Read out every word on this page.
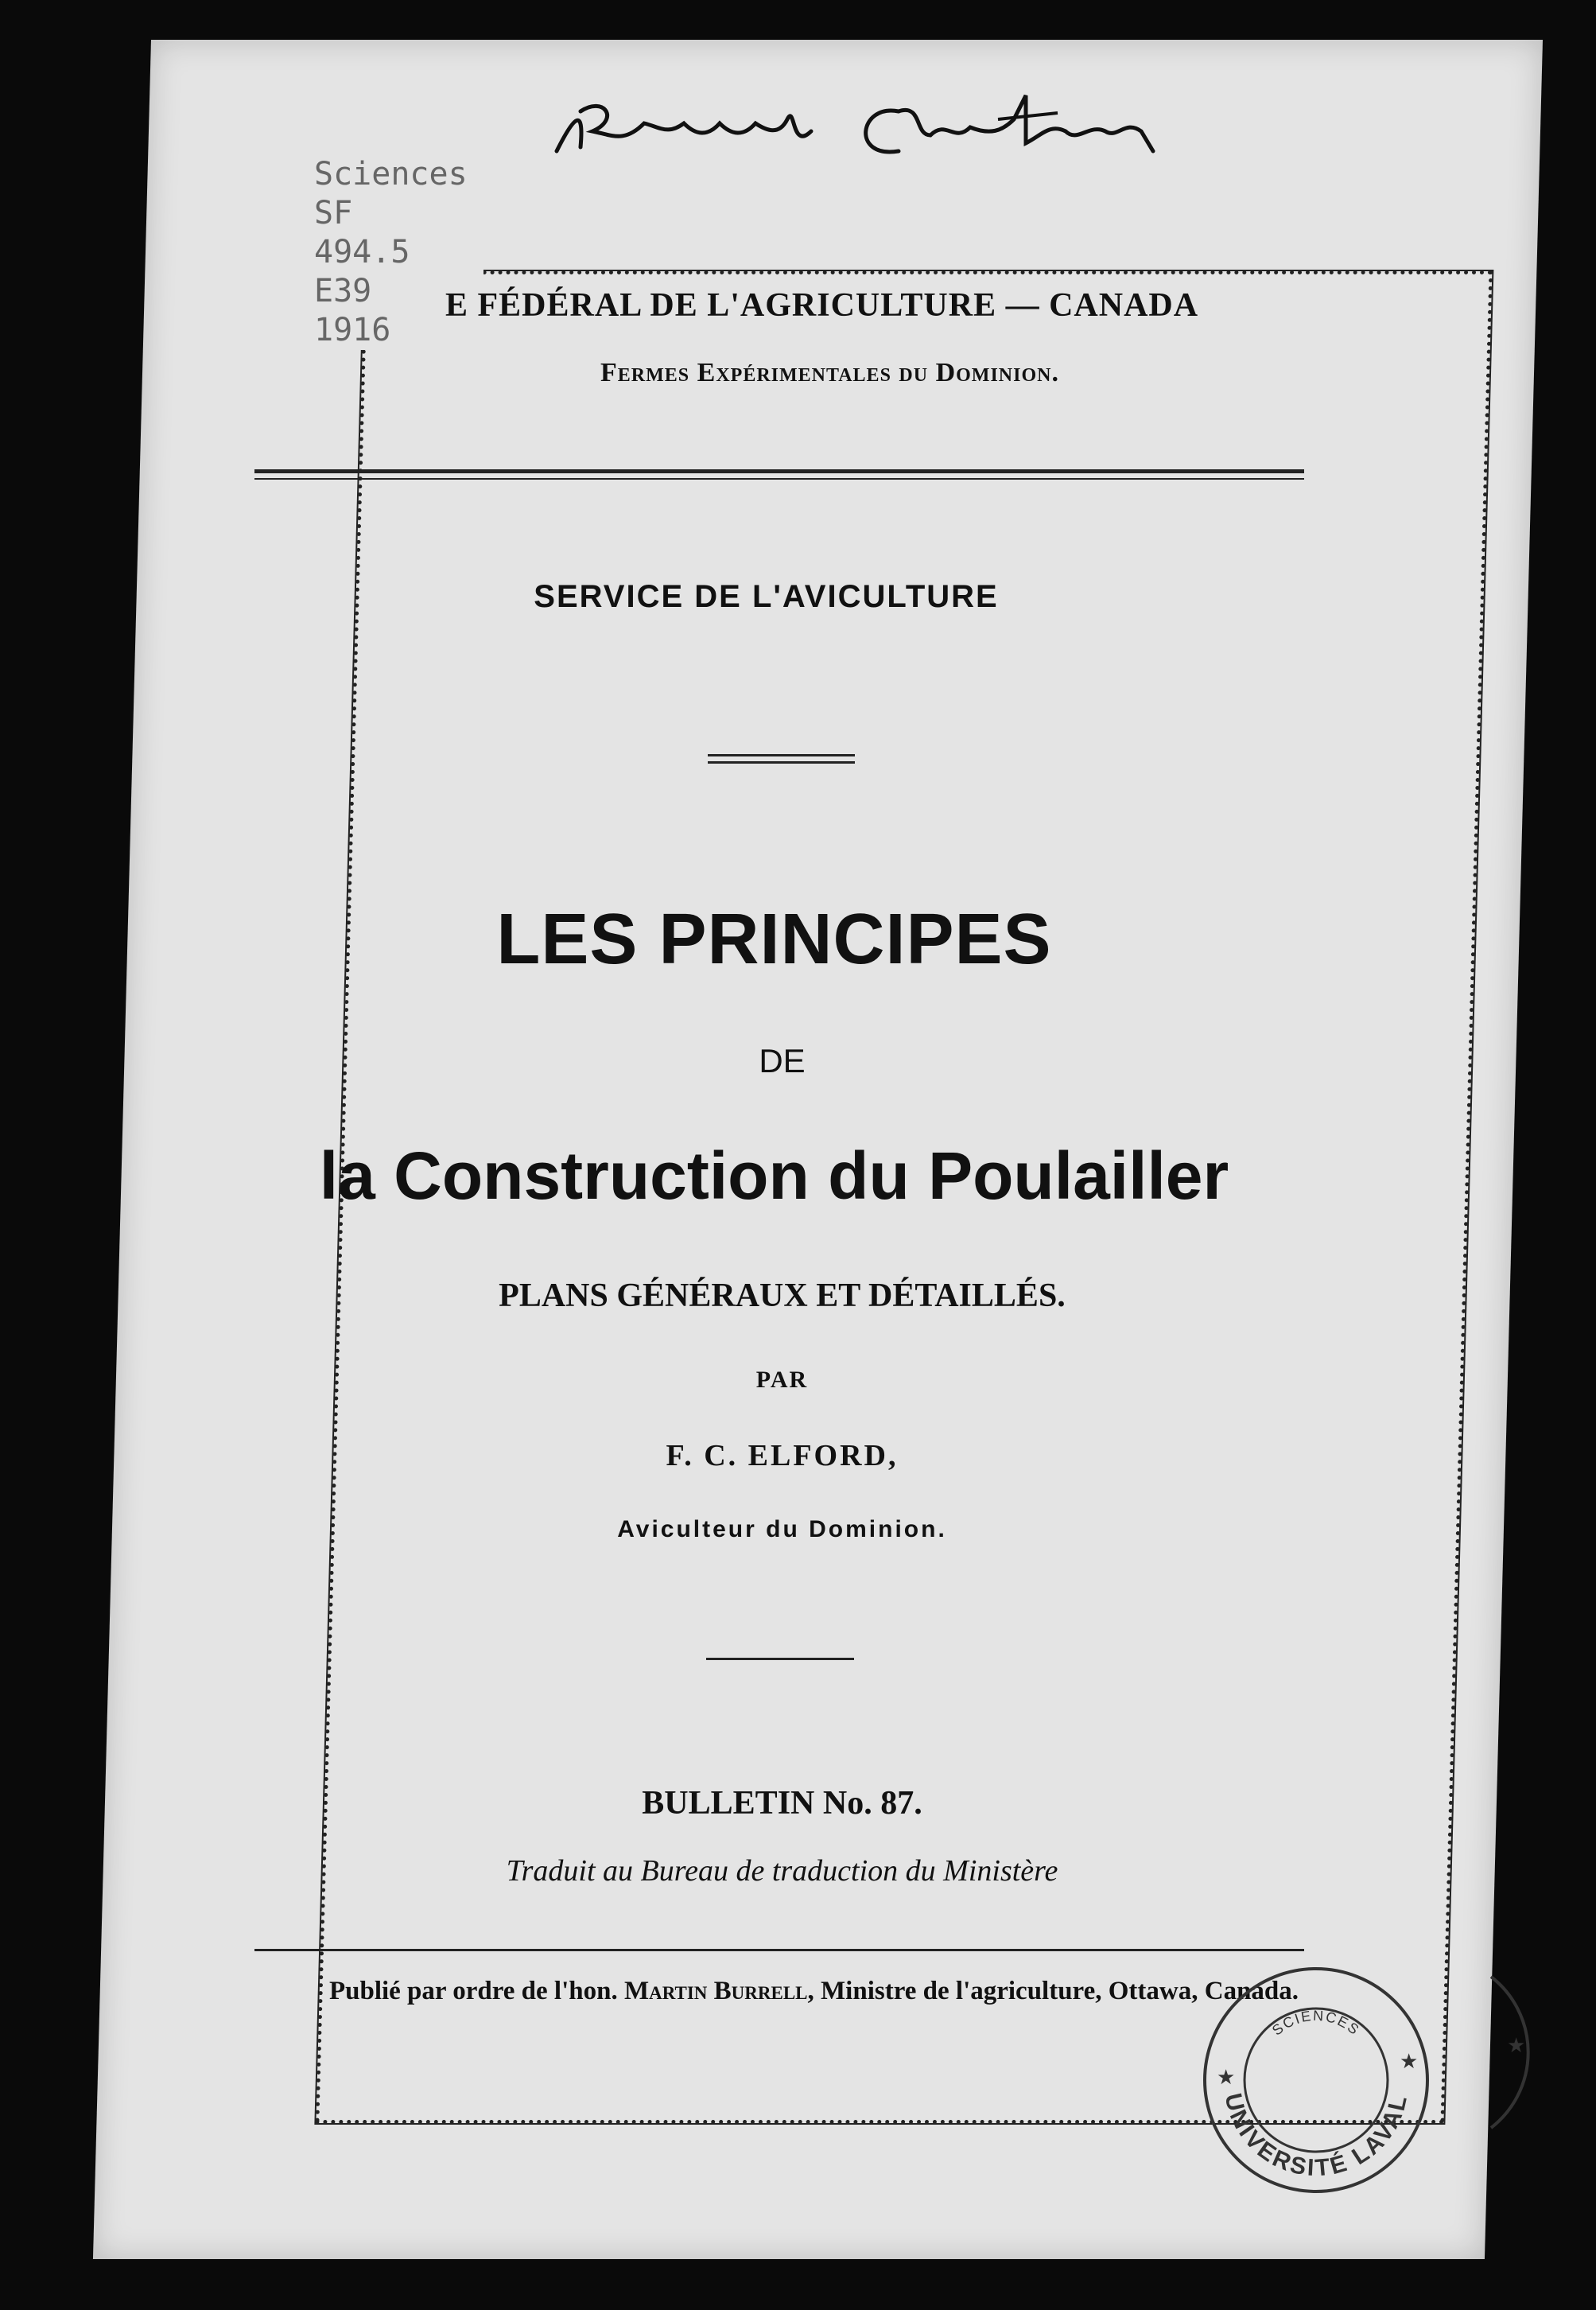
Sciences
SF
494.5
E39
1916

E FÉDÉRAL DE L'AGRICULTURE — CANADA

Fermes Expérimentales du Dominion.

SERVICE DE L'AVICULTURE

LES PRINCIPES

DE

la Construction du Poulailler

PLANS GÉNÉRAUX ET DÉTAILLÉS.

PAR

F. C. ELFORD,

Aviculteur du Dominion.

BULLETIN No. 87.

Traduit au Bureau de traduction du Ministère

Publié par ordre de l'hon. Martin Burrell, Ministre de l'agriculture, Ottawa, Canada.

UNIVERSITÉ LAVAL
SCIENCES
★
★
★
